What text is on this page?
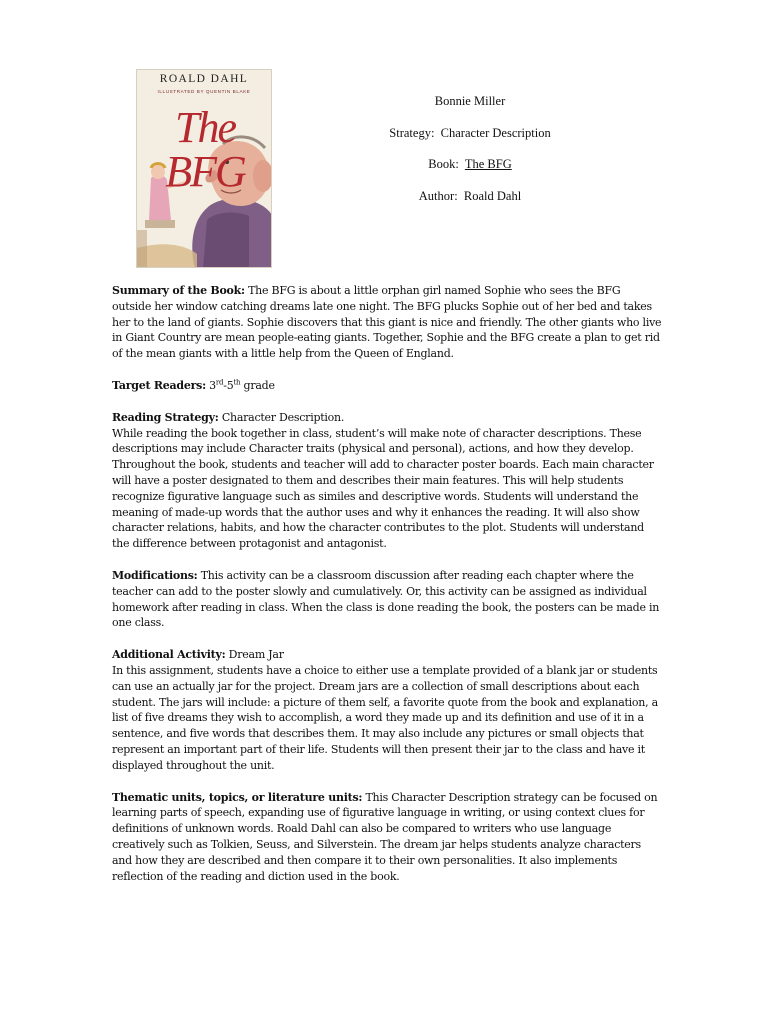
ROALD DAHL
ILLUSTRATED BY QUENTIN BLAKE
The BFG
Bonnie Miller
Strategy: Character Description
Book: The BFG
Author: Roald Dahl

Summary of the Book: The BFG is about a little orphan girl named Sophie who sees the BFG outside her window catching dreams late one night. The BFG plucks Sophie out of her bed and takes her to the land of giants. Sophie discovers that this giant is nice and friendly. The other giants who live in Giant Country are mean people-eating giants. Together, Sophie and the BFG create a plan to get rid of the mean giants with a little help from the Queen of England.

Target Readers: 3rd-5th grade

Reading Strategy: Character Description.
While reading the book together in class, student’s will make note of character descriptions. These descriptions may include Character traits (physical and personal), actions, and how they develop. Throughout the book, students and teacher will add to character poster boards. Each main character will have a poster designated to them and describes their main features. This will help students recognize figurative language such as similes and descriptive words. Students will understand the meaning of made-up words that the author uses and why it enhances the reading. It will also show character relations, habits, and how the character contributes to the plot. Students will understand the difference between protagonist and antagonist.

Modifications: This activity can be a classroom discussion after reading each chapter where the teacher can add to the poster slowly and cumulatively. Or, this activity can be assigned as individual homework after reading in class. When the class is done reading the book, the posters can be made in one class.

Additional Activity: Dream Jar
In this assignment, students have a choice to either use a template provided of a blank jar or students can use an actually jar for the project. Dream jars are a collection of small descriptions about each student. The jars will include: a picture of them self, a favorite quote from the book and explanation, a list of five dreams they wish to accomplish, a word they made up and its definition and use of it in a sentence, and five words that describes them. It may also include any pictures or small objects that represent an important part of their life. Students will then present their jar to the class and have it displayed throughout the unit.

Thematic units, topics, or literature units: This Character Description strategy can be focused on learning parts of speech, expanding use of figurative language in writing, or using context clues for definitions of unknown words. Roald Dahl can also be compared to writers who use language creatively such as Tolkien, Seuss, and Silverstein. The dream jar helps students analyze characters and how they are described and then compare it to their own personalities. It also implements reflection of the reading and diction used in the book.
